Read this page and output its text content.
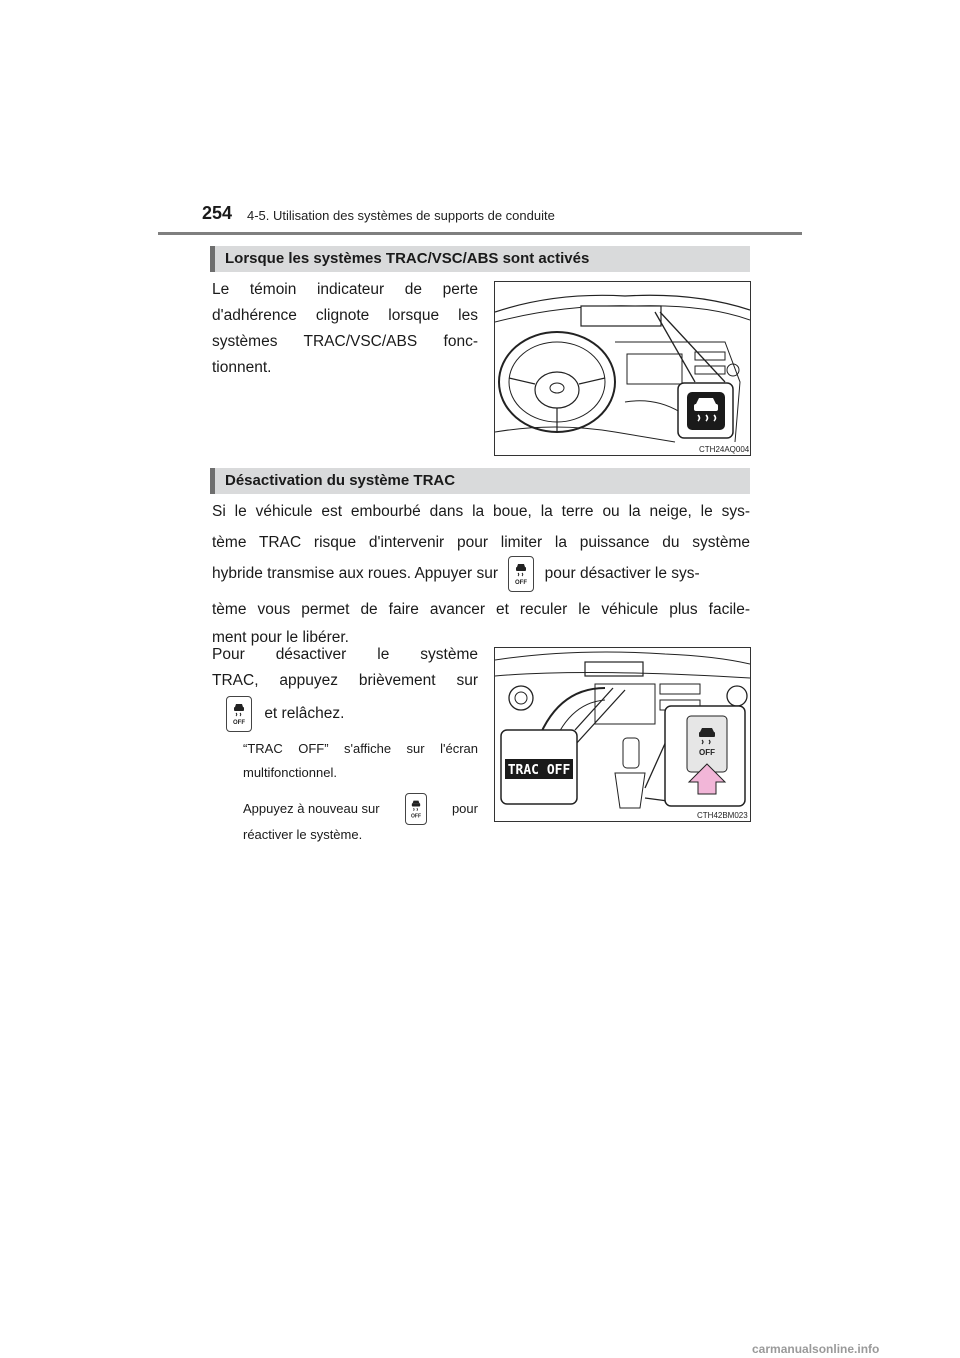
254 4-5. Utilisation des systèmes de supports de conduite
Lorsque les systèmes TRAC/VSC/ABS sont activés
Le témoin indicateur de perte
d'adhérence clignote lorsque les
systèmes TRAC/VSC/ABS fonc-
tionnent.
CTH24AQ004
Désactivation du système TRAC
Si le véhicule est embourbé dans la boue, la terre ou la neige, le sys-
tème TRAC risque d'intervenir pour limiter la puissance du système
hybride transmise aux roues. Appuyer sur
OFF
pour désactiver le sys-
tème vous permet de faire avancer et reculer le véhicule plus facile-
ment pour le libérer.
Pour désactiver le système
TRAC, appuyez brièvement sur
OFF
et relâchez.
“TRAC OFF” s'affiche sur l'écran
multifonctionnel.
Appuyez à nouveau sur
OFF
pour
réactiver le système.
TRAC OFF
OFF
CTH42BM023
carmanualsonline.info
